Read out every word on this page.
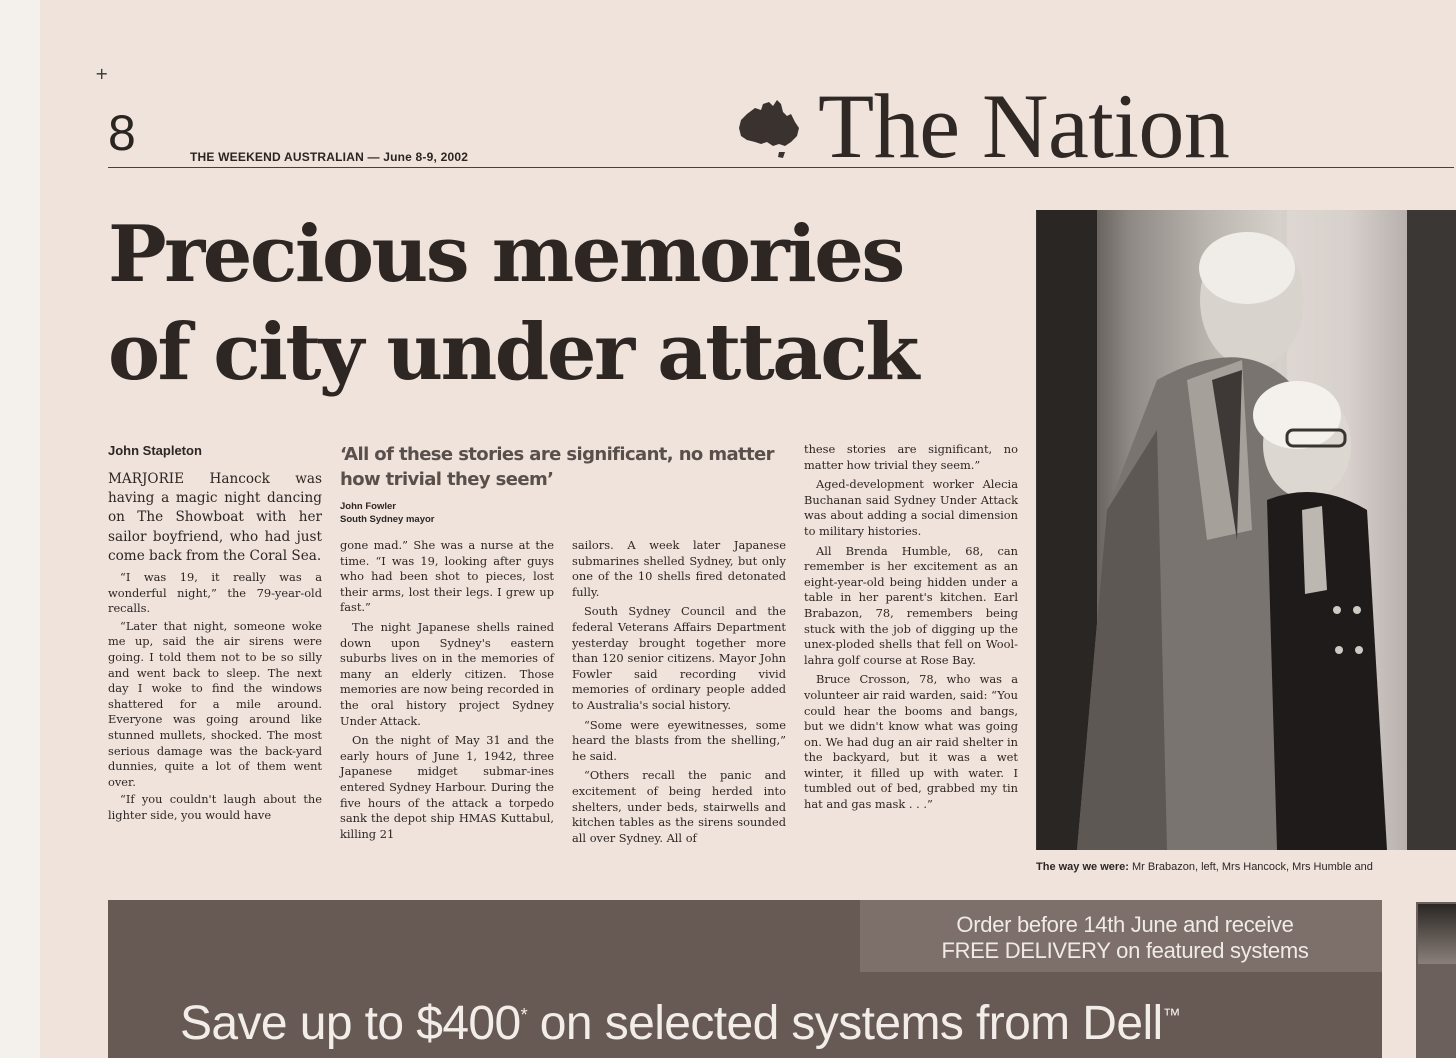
+
8	THE WEEKEND AUSTRALIAN — June 8-9, 2002	The Nation
Precious memories
of city under attack
John Stapleton

MARJORIE Hancock was having a magic night dancing on The Showboat with her sailor boyfriend, who had just come back from the Coral Sea.

“I was 19, it really was a wonderful night,” the 79-year-old recalls.

“Later that night, someone woke me up, said the air sirens were going. I told them not to be so silly and went back to sleep. The next day I woke to find the windows shattered for a mile around. Everyone was going around like stunned mullets, shocked. The most serious damage was the back-yard dunnies, quite a lot of them went over.

“If you couldn't laugh about the lighter side, you would have

‘All of these stories are significant, no matter how trivial they seem’
John Fowler
South Sydney mayor

gone mad.” She was a nurse at the time. “I was 19, looking after guys who had been shot to pieces, lost their arms, lost their legs. I grew up fast.”

The night Japanese shells rained down upon Sydney's eastern suburbs lives on in the memories of many an elderly citizen. Those memories are now being recorded in the oral history project Sydney Under Attack.

On the night of May 31 and the early hours of June 1, 1942, three Japanese midget submar-ines entered Sydney Harbour. During the five hours of the attack a torpedo sank the depot ship HMAS Kuttabul, killing 21

sailors. A week later Japanese submarines shelled Sydney, but only one of the 10 shells fired detonated fully.

South Sydney Council and the federal Veterans Affairs Department yesterday brought together more than 120 senior citizens. Mayor John Fowler said recording vivid memories of ordinary people added to Australia's social history.

“Some were eyewitnesses, some heard the blasts from the shelling,” he said.

“Others recall the panic and excitement of being herded into shelters, under beds, stairwells and kitchen tables as the sirens sounded all over Sydney. All of

these stories are significant, no matter how trivial they seem.”

Aged-development worker Alecia Buchanan said Sydney Under Attack was about adding a social dimension to military histories.

All Brenda Humble, 68, can remember is her excitement as an eight-year-old being hidden under a table in her parent's kitchen. Earl Brabazon, 78, remembers being stuck with the job of digging up the unex-ploded shells that fell on Wool-lahra golf course at Rose Bay.

Bruce Crosson, 78, who was a volunteer air raid warden, said: “You could hear the booms and bangs, but we didn't know what was going on. We had dug an air raid shelter in the backyard, but it was a wet winter, it filled up with water. I tumbled out of bed, grabbed my tin hat and gas mask . . .”

The way we were: Mr Brabazon, left, Mrs Hancock, Mrs Humble and
Order before 14th June and receive
FREE DELIVERY on featured systems
Save up to $400* on selected systems from Dell™
